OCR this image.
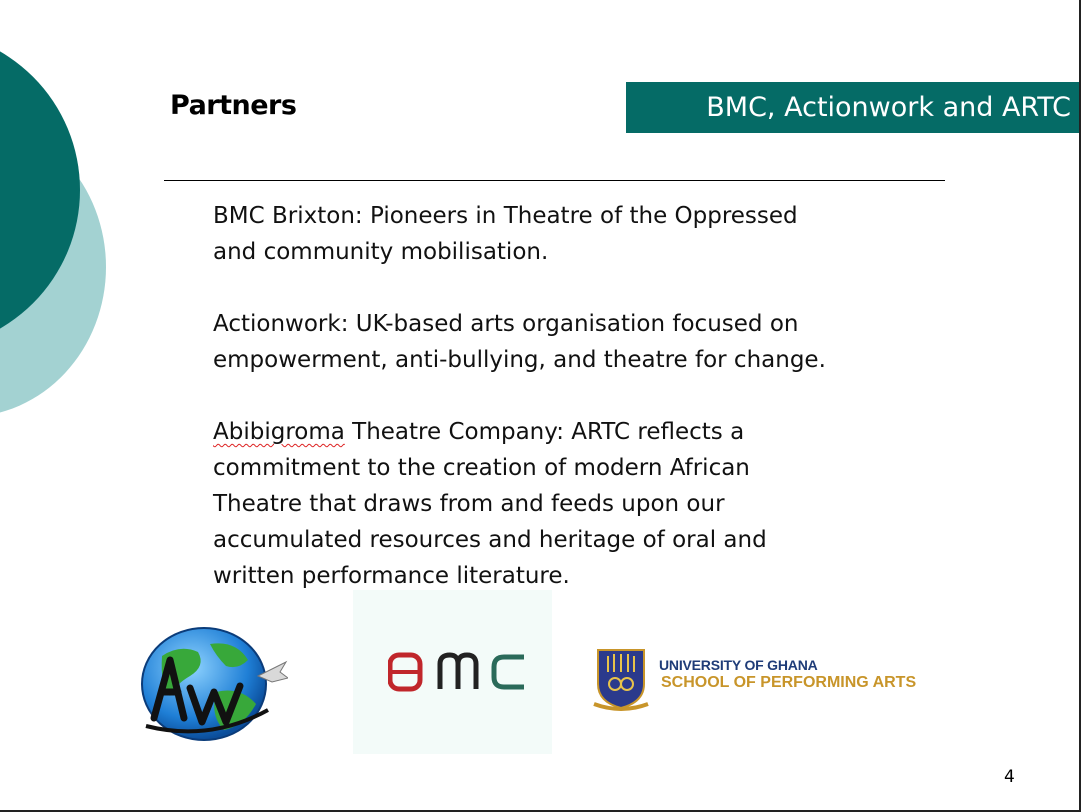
Partners	BMC, Actionwork and ARTC

BMC Brixton: Pioneers in Theatre of the Oppressed
and community mobilisation.

Actionwork: UK-based arts organisation focused on
empowerment, anti-bullying, and theatre for change.

Abibigroma Theatre Company: ARTC reflects a
commitment to the creation of modern African
Theatre that draws from and feeds upon our
accumulated resources and heritage of oral and
written performance literature.

UNIVERSITY OF GHANA
SCHOOL OF PERFORMING ARTS
4
